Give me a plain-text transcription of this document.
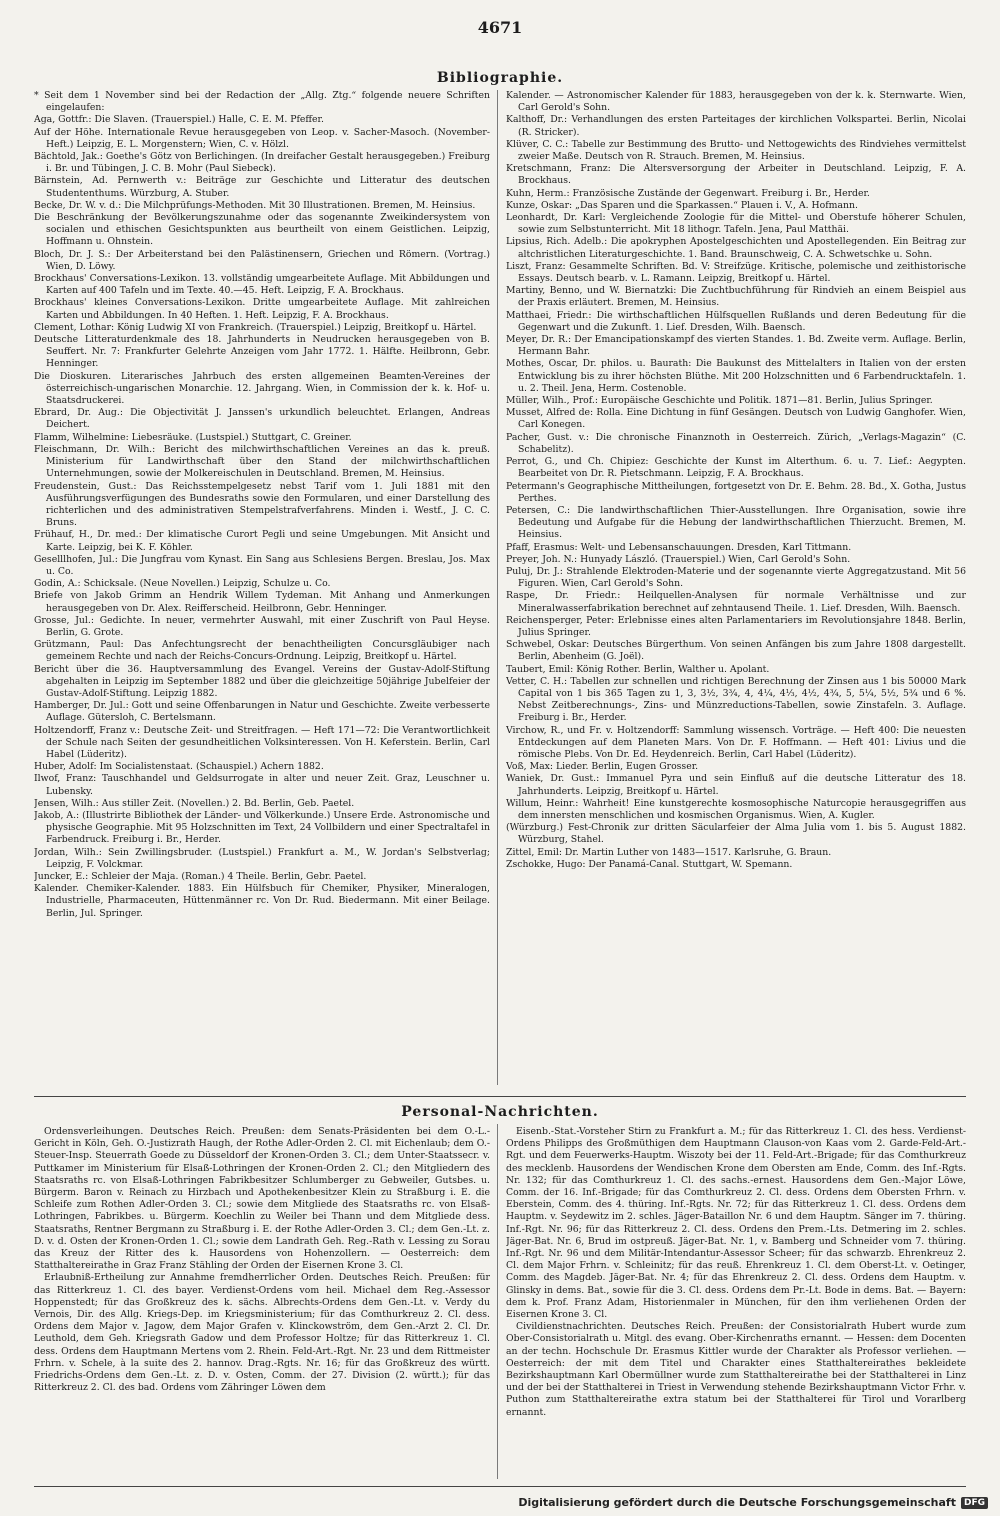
4671
Bibliographie.

* Seit dem 1 November sind bei der Redaction der „Allg. Ztg.“ folgende neuere Schriften eingelaufen:

Aga, Gottfr.: Die Slaven. (Trauerspiel.) Halle, C. E. M. Pfeffer.

Auf der Höhe. Internationale Revue herausgegeben von Leop. v. Sacher-Masoch. (November-Heft.) Leipzig, E. L. Morgenstern; Wien, C. v. Hölzl.

Bächtold, Jak.: Goethe's Götz von Berlichingen. (In dreifacher Gestalt herausgegeben.) Freiburg i. Br. und Tübingen, J. C. B. Mohr (Paul Siebeck).

Bärnstein, Ad. Pernwerth v.: Beiträge zur Geschichte und Litteratur des deutschen Studententhums. Würzburg, A. Stuber.

Becke, Dr. W. v. d.: Die Milchprüfungs-Methoden. Mit 30 Illustrationen. Bremen, M. Heinsius.

Die Beschränkung der Bevölkerungszunahme oder das sogenannte Zweikindersystem von socialen und ethischen Gesichtspunkten aus beurtheilt von einem Geistlichen. Leipzig, Hoffmann u. Ohnstein.

Bloch, Dr. J. S.: Der Arbeiterstand bei den Palästinensern, Griechen und Römern. (Vortrag.) Wien, D. Löwy.

Brockhaus' Conversations-Lexikon. 13. vollständig umgearbeitete Auflage. Mit Abbildungen und Karten auf 400 Tafeln und im Texte. 40.—45. Heft. Leipzig, F. A. Brockhaus.

Brockhaus' kleines Conversations-Lexikon. Dritte umgearbeitete Auflage. Mit zahlreichen Karten und Abbildungen. In 40 Heften. 1. Heft. Leipzig, F. A. Brockhaus.

Clement, Lothar: König Ludwig XI von Frankreich. (Trauerspiel.) Leipzig, Breitkopf u. Härtel.

Deutsche Litteraturdenkmale des 18. Jahrhunderts in Neudrucken herausgegeben von B. Seuffert. Nr. 7: Frankfurter Gelehrte Anzeigen vom Jahr 1772. 1. Hälfte. Heilbronn, Gebr. Henninger.

Die Dioskuren. Literarisches Jahrbuch des ersten allgemeinen Beamten-Vereines der österreichisch-ungarischen Monarchie. 12. Jahrgang. Wien, in Commission der k. k. Hof- u. Staatsdruckerei.

Ebrard, Dr. Aug.: Die Objectivität J. Janssen's urkundlich beleuchtet. Erlangen, Andreas Deichert.

Flamm, Wilhelmine: Liebesräuke. (Lustspiel.) Stuttgart, C. Greiner.

Fleischmann, Dr. Wilh.: Bericht des milchwirthschaftlichen Vereines an das k. preuß. Ministerium für Landwirthschaft über den Stand der milchwirthschaftlichen Unternehmungen, sowie der Molkereischulen in Deutschland. Bremen, M. Heinsius.

Freudenstein, Gust.: Das Reichsstempelgesetz nebst Tarif vom 1. Juli 1881 mit den Ausführungsverfügungen des Bundesraths sowie den Formularen, und einer Darstellung des richterlichen und des administrativen Stempelstrafverfahrens. Minden i. Westf., J. C. C. Bruns.

Frühauf, H., Dr. med.: Der klimatische Curort Pegli und seine Umgebungen. Mit Ansicht und Karte. Leipzig, bei K. F. Köhler.

Geselllhofen, Jul.: Die Jungfrau vom Kynast. Ein Sang aus Schlesiens Bergen. Breslau, Jos. Max u. Co.

Godin, A.: Schicksale. (Neue Novellen.) Leipzig, Schulze u. Co.

Briefe von Jakob Grimm an Hendrik Willem Tydeman. Mit Anhang und Anmerkungen herausgegeben von Dr. Alex. Reifferscheid. Heilbronn, Gebr. Henninger.

Grosse, Jul.: Gedichte. In neuer, vermehrter Auswahl, mit einer Zuschrift von Paul Heyse. Berlin, G. Grote.

Grützmann, Paul: Das Anfechtungsrecht der benachtheiligten Concursgläubiger nach gemeinem Rechte und nach der Reichs-Concurs-Ordnung. Leipzig, Breitkopf u. Härtel.

Bericht über die 36. Hauptversammlung des Evangel. Vereins der Gustav-Adolf-Stiftung abgehalten in Leipzig im September 1882 und über die gleichzeitige 50jährige Jubelfeier der Gustav-Adolf-Stiftung. Leipzig 1882.

Hamberger, Dr. Jul.: Gott und seine Offenbarungen in Natur und Geschichte. Zweite verbesserte Auflage. Gütersloh, C. Bertelsmann.

Holtzendorff, Franz v.: Deutsche Zeit- und Streitfragen. — Heft 171—72: Die Verantwortlichkeit der Schule nach Seiten der gesundheitlichen Volksinteressen. Von H. Keferstein. Berlin, Carl Habel (Lüderitz).

Huber, Adolf: Im Socialistenstaat. (Schauspiel.) Achern 1882.

Ilwof, Franz: Tauschhandel und Geldsurrogate in alter und neuer Zeit. Graz, Leuschner u. Lubensky.

Jensen, Wilh.: Aus stiller Zeit. (Novellen.) 2. Bd. Berlin, Geb. Paetel.

Jakob, A.: (Illustrirte Bibliothek der Länder- und Völkerkunde.) Unsere Erde. Astronomische und physische Geographie. Mit 95 Holzschnitten im Text, 24 Vollbildern und einer Spectraltafel in Farbendruck. Freiburg i. Br., Herder.

Jordan, Wilh.: Sein Zwillingsbruder. (Lustspiel.) Frankfurt a. M., W. Jordan's Selbstverlag; Leipzig, F. Volckmar.

Juncker, E.: Schleier der Maja. (Roman.) 4 Theile. Berlin, Gebr. Paetel.

Kalender. Chemiker-Kalender. 1883. Ein Hülfsbuch für Chemiker, Physiker, Mineralogen, Industrielle, Pharmaceuten, Hüttenmänner rc. Von Dr. Rud. Biedermann. Mit einer Beilage. Berlin, Jul. Springer.

Kalender. — Astronomischer Kalender für 1883, herausgegeben von der k. k. Sternwarte. Wien, Carl Gerold's Sohn.

Kalthoff, Dr.: Verhandlungen des ersten Parteitages der kirchlichen Volkspartei. Berlin, Nicolai (R. Stricker).

Klüver, C. C.: Tabelle zur Bestimmung des Brutto- und Nettogewichts des Rindviehes vermittelst zweier Maße. Deutsch von R. Strauch. Bremen, M. Heinsius.

Kretschmann, Franz: Die Altersversorgung der Arbeiter in Deutschland. Leipzig, F. A. Brockhaus.

Kuhn, Herm.: Französische Zustände der Gegenwart. Freiburg i. Br., Herder.

Kunze, Oskar: „Das Sparen und die Sparkassen.“ Plauen i. V., A. Hofmann.

Leonhardt, Dr. Karl: Vergleichende Zoologie für die Mittel- und Oberstufe höherer Schulen, sowie zum Selbstunterricht. Mit 18 lithogr. Tafeln. Jena, Paul Matthäi.

Lipsius, Rich. Adelb.: Die apokryphen Apostelgeschichten und Apostellegenden. Ein Beitrag zur altchristlichen Literaturgeschichte. 1. Band. Braunschweig, C. A. Schwetschke u. Sohn.

Liszt, Franz: Gesammelte Schriften. Bd. V: Streifzüge. Kritische, polemische und zeithistorische Essays. Deutsch bearb. v. L. Ramann. Leipzig, Breitkopf u. Härtel.

Martiny, Benno, und W. Biernatzki: Die Zuchtbuchführung für Rindvieh an einem Beispiel aus der Praxis erläutert. Bremen, M. Heinsius.

Matthaei, Friedr.: Die wirthschaftlichen Hülfsquellen Rußlands und deren Bedeutung für die Gegenwart und die Zukunft. 1. Lief. Dresden, Wilh. Baensch.

Meyer, Dr. R.: Der Emancipationskampf des vierten Standes. 1. Bd. Zweite verm. Auflage. Berlin, Hermann Bahr.

Mothes, Oscar, Dr. philos. u. Baurath: Die Baukunst des Mittelalters in Italien von der ersten Entwicklung bis zu ihrer höchsten Blüthe. Mit 200 Holzschnitten und 6 Farbendrucktafeln. 1. u. 2. Theil. Jena, Herm. Costenoble.

Müller, Wilh., Prof.: Europäische Geschichte und Politik. 1871—81. Berlin, Julius Springer.

Musset, Alfred de: Rolla. Eine Dichtung in fünf Gesängen. Deutsch von Ludwig Ganghofer. Wien, Carl Konegen.

Pacher, Gust. v.: Die chronische Finanznoth in Oesterreich. Zürich, „Verlags-Magazin“ (C. Schabelitz).

Perrot, G., und Ch. Chipiez: Geschichte der Kunst im Alterthum. 6. u. 7. Lief.: Aegypten. Bearbeitet von Dr. R. Pietschmann. Leipzig, F. A. Brockhaus.

Petermann's Geographische Mittheilungen, fortgesetzt von Dr. E. Behm. 28. Bd., X. Gotha, Justus Perthes.

Petersen, C.: Die landwirthschaftlichen Thier-Ausstellungen. Ihre Organisation, sowie ihre Bedeutung und Aufgabe für die Hebung der landwirthschaftlichen Thierzucht. Bremen, M. Heinsius.

Pfaff, Erasmus: Welt- und Lebensanschauungen. Dresden, Karl Tittmann.

Preyer, Joh. N.: Hunyady László. (Trauerspiel.) Wien, Carl Gerold's Sohn.

Puluj, Dr. J.: Strahlende Elektroden-Materie und der sogenannte vierte Aggregatzustand. Mit 56 Figuren. Wien, Carl Gerold's Sohn.

Raspe, Dr. Friedr.: Heilquellen-Analysen für normale Verhältnisse und zur Mineralwasserfabrikation berechnet auf zehntausend Theile. 1. Lief. Dresden, Wilh. Baensch.

Reichensperger, Peter: Erlebnisse eines alten Parlamentariers im Revolutionsjahre 1848. Berlin, Julius Springer.

Schwebel, Oskar: Deutsches Bürgerthum. Von seinen Anfängen bis zum Jahre 1808 dargestellt. Berlin, Abenheim (G. Joël).

Taubert, Emil: König Rother. Berlin, Walther u. Apolant.

Vetter, C. H.: Tabellen zur schnellen und richtigen Berechnung der Zinsen aus 1 bis 50000 Mark Capital von 1 bis 365 Tagen zu 1, 3, 3½, 3¾, 4, 4¼, 4⅓, 4½, 4¾, 5, 5¼, 5½, 5¾ und 6 %. Nebst Zeitberechnungs-, Zins- und Münzreductions-Tabellen, sowie Zinstafeln. 3. Auflage. Freiburg i. Br., Herder.

Virchow, R., und Fr. v. Holtzendorff: Sammlung wissensch. Vorträge. — Heft 400: Die neuesten Entdeckungen auf dem Planeten Mars. Von Dr. F. Hoffmann. — Heft 401: Livius und die römische Plebs. Von Dr. Ed. Heydenreich. Berlin, Carl Habel (Lüderitz).

Voß, Max: Lieder. Berlin, Eugen Grosser.

Waniek, Dr. Gust.: Immanuel Pyra und sein Einfluß auf die deutsche Litteratur des 18. Jahrhunderts. Leipzig, Breitkopf u. Härtel.

Willum, Heinr.: Wahrheit! Eine kunstgerechte kosmosophische Naturcopie herausgegriffen aus dem innersten menschlichen und kosmischen Organismus. Wien, A. Kugler.

(Würzburg.) Fest-Chronik zur dritten Säcularfeier der Alma Julia vom 1. bis 5. August 1882. Würzburg, Stahel.

Zittel, Emil: Dr. Martin Luther von 1483—1517. Karlsruhe, G. Braun.

Zschokke, Hugo: Der Panamá-Canal. Stuttgart, W. Spemann.

Personal-Nachrichten.

Ordensverleihungen. Deutsches Reich. Preußen: dem Senats-Präsidenten bei dem O.-L.-Gericht in Köln, Geh. O.-Justizrath Haugh, der Rothe Adler-Orden 2. Cl. mit Eichenlaub; dem O.-Steuer-Insp. Steuerrath Goede zu Düsseldorf der Kronen-Orden 3. Cl.; dem Unter-Staatssecr. v. Puttkamer im Ministerium für Elsaß-Lothringen der Kronen-Orden 2. Cl.; den Mitgliedern des Staatsraths rc. von Elsaß-Lothringen Fabrikbesitzer Schlumberger zu Gebweiler, Gutsbes. u. Bürgerm. Baron v. Reinach zu Hirzbach und Apothekenbesitzer Klein zu Straßburg i. E. die Schleife zum Rothen Adler-Orden 3. Cl.; sowie dem Mitgliede des Staatsraths rc. von Elsaß-Lothringen, Fabrikbes. u. Bürgerm. Koechlin zu Weiler bei Thann und dem Mitgliede dess. Staatsraths, Rentner Bergmann zu Straßburg i. E. der Rothe Adler-Orden 3. Cl.; dem Gen.-Lt. z. D. v. d. Osten der Kronen-Orden 1. Cl.; sowie dem Landrath Geh. Reg.-Rath v. Lessing zu Sorau das Kreuz der Ritter des k. Hausordens von Hohenzollern. — Oesterreich: dem Statthaltereirathe in Graz Franz Stähling der Orden der Eisernen Krone 3. Cl.

Erlaubniß-Ertheilung zur Annahme fremdherrlicher Orden. Deutsches Reich. Preußen: für das Ritterkreuz 1. Cl. des bayer. Verdienst-Ordens vom heil. Michael dem Reg.-Assessor Hoppenstedt; für das Großkreuz des k. sächs. Albrechts-Ordens dem Gen.-Lt. v. Verdy du Vernois, Dir. des Allg. Kriegs-Dep. im Kriegsministerium; für das Comthurkreuz 2. Cl. dess. Ordens dem Major v. Jagow, dem Major Grafen v. Klinckowström, dem Gen.-Arzt 2. Cl. Dr. Leuthold, dem Geh. Kriegsrath Gadow und dem Professor Holtze; für das Ritterkreuz 1. Cl. dess. Ordens dem Hauptmann Mertens vom 2. Rhein. Feld-Art.-Rgt. Nr. 23 und dem Rittmeister Frhrn. v. Schele, à la suite des 2. hannov. Drag.-Rgts. Nr. 16; für das Großkreuz des württ. Friedrichs-Ordens dem Gen.-Lt. z. D. v. Osten, Comm. der 27. Division (2. württ.); für das Ritterkreuz 2. Cl. des bad. Ordens vom Zähringer Löwen dem

Eisenb.-Stat.-Vorsteher Stirn zu Frankfurt a. M.; für das Ritterkreuz 1. Cl. des hess. Verdienst-Ordens Philipps des Großmüthigen dem Hauptmann Clauson-von Kaas vom 2. Garde-Feld-Art.-Rgt. und dem Feuerwerks-Hauptm. Wiszoty bei der 11. Feld-Art.-Brigade; für das Comthurkreuz des mecklenb. Hausordens der Wendischen Krone dem Obersten am Ende, Comm. des Inf.-Rgts. Nr. 132; für das Comthurkreuz 1. Cl. des sachs.-ernest. Hausordens dem Gen.-Major Löwe, Comm. der 16. Inf.-Brigade; für das Comthurkreuz 2. Cl. dess. Ordens dem Obersten Frhrn. v. Eberstein, Comm. des 4. thüring. Inf.-Rgts. Nr. 72; für das Ritterkreuz 1. Cl. dess. Ordens dem Hauptm. v. Seydewitz im 2. schles. Jäger-Bataillon Nr. 6 und dem Hauptm. Sänger im 7. thüring. Inf.-Rgt. Nr. 96; für das Ritterkreuz 2. Cl. dess. Ordens den Prem.-Lts. Detmering im 2. schles. Jäger-Bat. Nr. 6, Brud im ostpreuß. Jäger-Bat. Nr. 1, v. Bamberg und Schneider vom 7. thüring. Inf.-Rgt. Nr. 96 und dem Militär-Intendantur-Assessor Scheer; für das schwarzb. Ehrenkreuz 2. Cl. dem Major Frhrn. v. Schleinitz; für das reuß. Ehrenkreuz 1. Cl. dem Oberst-Lt. v. Oetinger, Comm. des Magdeb. Jäger-Bat. Nr. 4; für das Ehrenkreuz 2. Cl. dess. Ordens dem Hauptm. v. Glinsky in dems. Bat., sowie für die 3. Cl. dess. Ordens dem Pr.-Lt. Bode in dems. Bat. — Bayern: dem k. Prof. Franz Adam, Historienmaler in München, für den ihm verliehenen Orden der Eisernen Krone 3. Cl.

Civildienstnachrichten. Deutsches Reich. Preußen: der Consistorialrath Hubert wurde zum Ober-Consistorialrath u. Mitgl. des evang. Ober-Kirchenraths ernannt. — Hessen: dem Docenten an der techn. Hochschule Dr. Erasmus Kittler wurde der Charakter als Professor verliehen. — Oesterreich: der mit dem Titel und Charakter eines Statthaltereirathes bekleidete Bezirkshauptmann Karl Obermüllner wurde zum Statthaltereirathe bei der Statthalterei in Linz und der bei der Statthalterei in Triest in Verwendung stehende Bezirkshauptmann Victor Frhr. v. Puthon zum Statthaltereirathe extra statum bei der Statthalterei für Tirol und Vorarlberg ernannt.

Digitalisierung gefördert durch die Deutsche Forschungsgemeinschaft DFG
